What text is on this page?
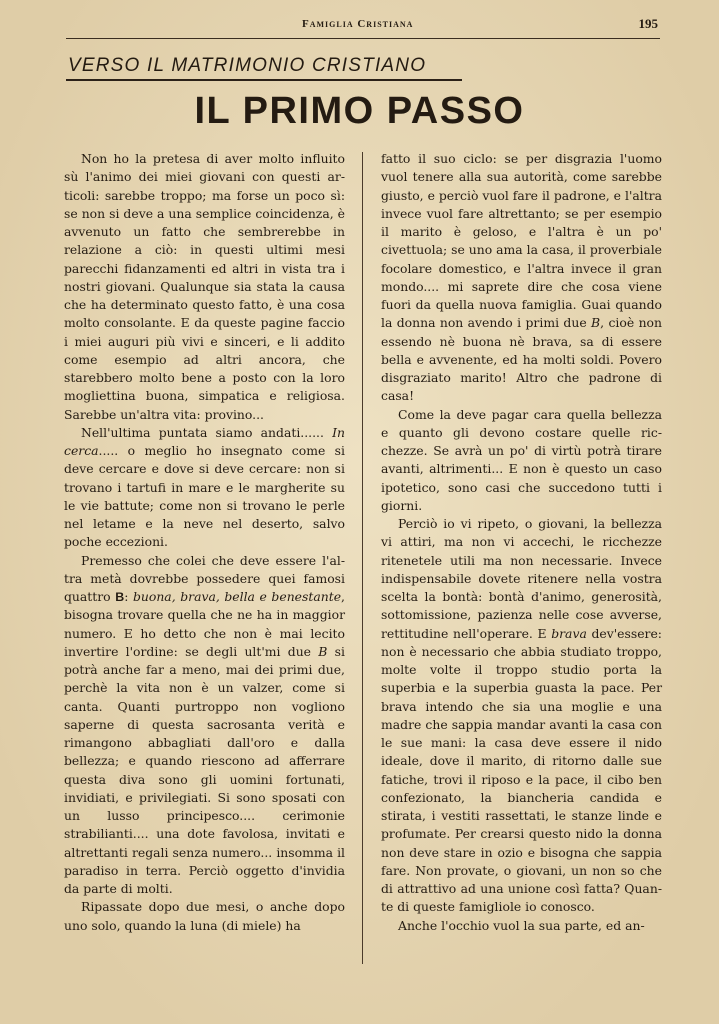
Famiglia Cristiana	195
VERSO IL MATRIMONIO CRISTIANO
IL PRIMO PASSO

Non ho la pretesa di aver molto influito sù l'animo dei miei giovani con questi articoli: sarebbe troppo; ma forse un poco sì: se non si deve a una semplice coincidenza, è avvenuto un fatto che sembrerebbe in relazione a ciò: in questi ultimi mesi parecchi fidanzamenti ed altri in vista tra i nostri giovani. Qualunque sia stata la causa che ha determinato questo fatto, è una cosa molto consolante. E da queste pagine faccio i miei auguri più vivi e sinceri, e li addito come esempio ad altri ancora, che starebbero molto bene a posto con la loro mogliettina buona, simpatica e religiosa. Sarebbe un'altra vita: provino...

Nell'ultima puntata siamo andati...... In cerca..... o meglio ho insegnato come si deve cercare e dove si deve cercare: non si trovano i tartufi in mare e le margherite su le vie battute; come non si trovano le perle nel letame e la neve nel deserto, salvo poche eccezioni.

Premesso che colei che deve essere l'altra metà dovrebbe possedere quei famosi quattro B: buona, brava, bella e benestante, bisogna trovare quella che ne ha in maggior numero. E ho detto che non è mai lecito invertire l'ordine: se degli ult'mi due B si potrà anche far a meno, mai dei primi due, perchè la vita non è un valzer, come si canta. Quanti purtroppo non vogliono saperne di questa sacrosanta verità e rimangono abbagliati dall'oro e dalla bellezza; e quando riescono ad afferrare questa diva sono gli uomini fortunati, invidiati, e privilegiati. Si sono sposati con un lusso principesco.... cerimonie strabilianti.... una dote favolosa, invitati e altrettanti regali senza numero... insomma il paradiso in terra. Perciò oggetto d'invidia da parte di molti.

Ripassate dopo due mesi, o anche dopo uno solo, quando la luna (di miele) ha

fatto il suo ciclo: se per disgrazia l'uomo vuol tenere alla sua autorità, come sarebbe giusto, e perciò vuol fare il padrone, e l'altra invece vuol fare altrettanto; se per esempio il marito è geloso, e l'altra è un po' civettuola; se uno ama la casa, il proverbiale focolare domestico, e l'altra invece il gran mondo.... mi saprete dire che cosa viene fuori da quella nuova famiglia. Guai quando la donna non avendo i primi due B, cioè non essendo nè buona nè brava, sa di essere bella e avvenente, ed ha molti soldi. Povero disgraziato marito! Altro che padrone di casa!

Come la deve pagar cara quella bellezza e quanto gli devono costare quelle ricchezze. Se avrà un po' di virtù potrà tirare avanti, altrimenti... E non è questo un caso ipotetico, sono casi che succedono tutti i giorni.

Perciò io vi ripeto, o giovani, la bellezza vi attiri, ma non vi accechi, le ricchezze ritenetele utili ma non necessarie. Invece indispensabile dovete ritenere nella vostra scelta la bontà: bontà d'animo, generosità, sottomissione, pazienza nelle cose avverse, rettitudine nell'operare. E brava dev'essere: non è necessario che abbia studiato troppo, molte volte il troppo studio porta la superbia e la superbia guasta la pace. Per brava intendo che sia una moglie e una madre che sappia mandar avanti la casa con le sue mani: la casa deve essere il nido ideale, dove il marito, di ritorno dalle sue fatiche, trovi il riposo e la pace, il cibo ben confezionato, la biancheria candida e stirata, i vestiti rassettati, le stanze linde e profumate. Per crearsi questo nido la donna non deve stare in ozio e bisogna che sappia fare. Non provate, o giovani, un non so che di attrattivo ad una unione così fatta? Quante di queste famigliole io conosco.

Anche l'occhio vuol la sua parte, ed an-
